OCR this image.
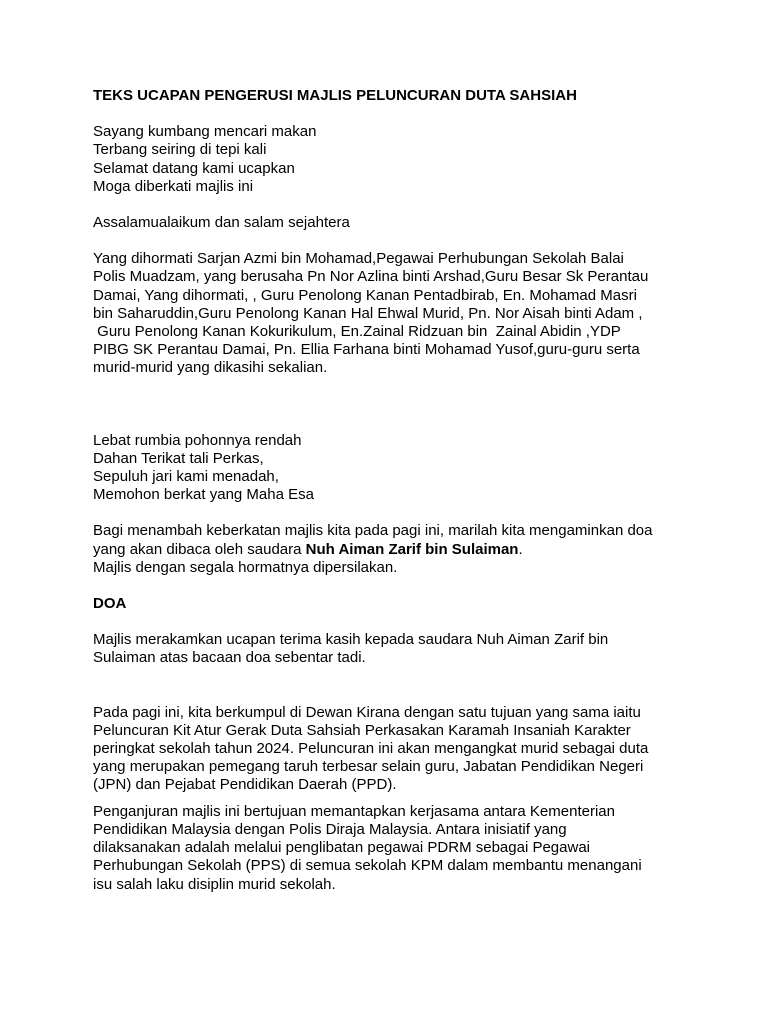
TEKS UCAPAN PENGERUSI MAJLIS PELUNCURAN DUTA SAHSIAH

Sayang kumbang mencari makan
Terbang seiring di tepi kali
Selamat datang kami ucapkan
Moga diberkati majlis ini

Assalamualaikum dan salam sejahtera

Yang dihormati Sarjan Azmi bin Mohamad,Pegawai Perhubungan Sekolah Balai
Polis Muadzam, yang berusaha Pn Nor Azlina binti Arshad,Guru Besar Sk Perantau
Damai, Yang dihormati, , Guru Penolong Kanan Pentadbirab, En. Mohamad Masri
bin Saharuddin,Guru Penolong Kanan Hal Ehwal Murid, Pn. Nor Aisah binti Adam ,
Guru Penolong Kanan Kokurikulum, En.Zainal Ridzuan bin  Zainal Abidin ,YDP
PIBG SK Perantau Damai, Pn. Ellia Farhana binti Mohamad Yusof,guru-guru serta
murid-murid yang dikasihi sekalian.
Lebat rumbia pohonnya rendah
Dahan Terikat tali Perkas,
Sepuluh jari kami menadah,
Memohon berkat yang Maha Esa
Bagi menambah keberkatan majlis kita pada pagi ini, marilah kita mengaminkan doa
yang akan dibaca oleh saudara Nuh Aiman Zarif bin Sulaiman.
Majlis dengan segala hormatnya dipersilakan.

DOA

Majlis merakamkan ucapan terima kasih kepada saudara Nuh Aiman Zarif bin
Sulaiman atas bacaan doa sebentar tadi.
Pada pagi ini, kita berkumpul di Dewan Kirana dengan satu tujuan yang sama iaitu
Peluncuran Kit Atur Gerak Duta Sahsiah Perkasakan Karamah Insaniah Karakter
peringkat sekolah tahun 2024. Peluncuran ini akan mengangkat murid sebagai duta
yang merupakan pemegang taruh terbesar selain guru, Jabatan Pendidikan Negeri
(JPN) dan Pejabat Pendidikan Daerah (PPD).
Penganjuran majlis ini bertujuan memantapkan kerjasama antara Kementerian
Pendidikan Malaysia dengan Polis Diraja Malaysia. Antara inisiatif yang
dilaksanakan adalah melalui penglibatan pegawai PDRM sebagai Pegawai
Perhubungan Sekolah (PPS) di semua sekolah KPM dalam membantu menangani
isu salah laku disiplin murid sekolah.
